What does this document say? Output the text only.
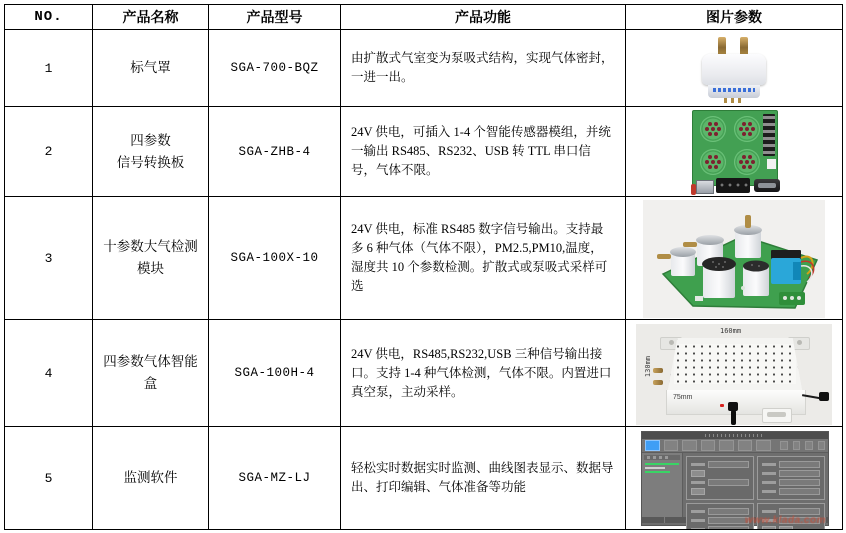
NO.	产品名称	产品型号	产品功能	图片参数
1	标气罩	SGA-700-BQZ	由扩散式气室变为泵吸式结构，实现气体密封，一进一出。	

2	四参数
信号转换板	SGA-ZHB-4	24V 供电，可插入 1-4 个智能传感器模组，并统一输出 RS485、RS232、USB 转 TTL 串口信号，气体不限。	

3	十参数大气检测
模块	SGA-100X-10	24V 供电，标准 RS485 数字信号输出。支持最多 6 种气体（气体不限），PM2.5,PM10,温度，湿度共 10 个参数检测。扩散式或泵吸式采样可选	

4	四参数气体智能
盒	SGA-100H-4	24V 供电，RS485,RS232,USB 三种信号输出接口。支持 1-4 种气体检测，气体不限。内置进口真空泵，主动采样。	160mm
130mm
75mm

5	监测软件	SGA-MZ-LJ	轻松实时数据实时监测、曲线图表显示、数据导出、打印编辑、气体准备等功能	www.klada.com
